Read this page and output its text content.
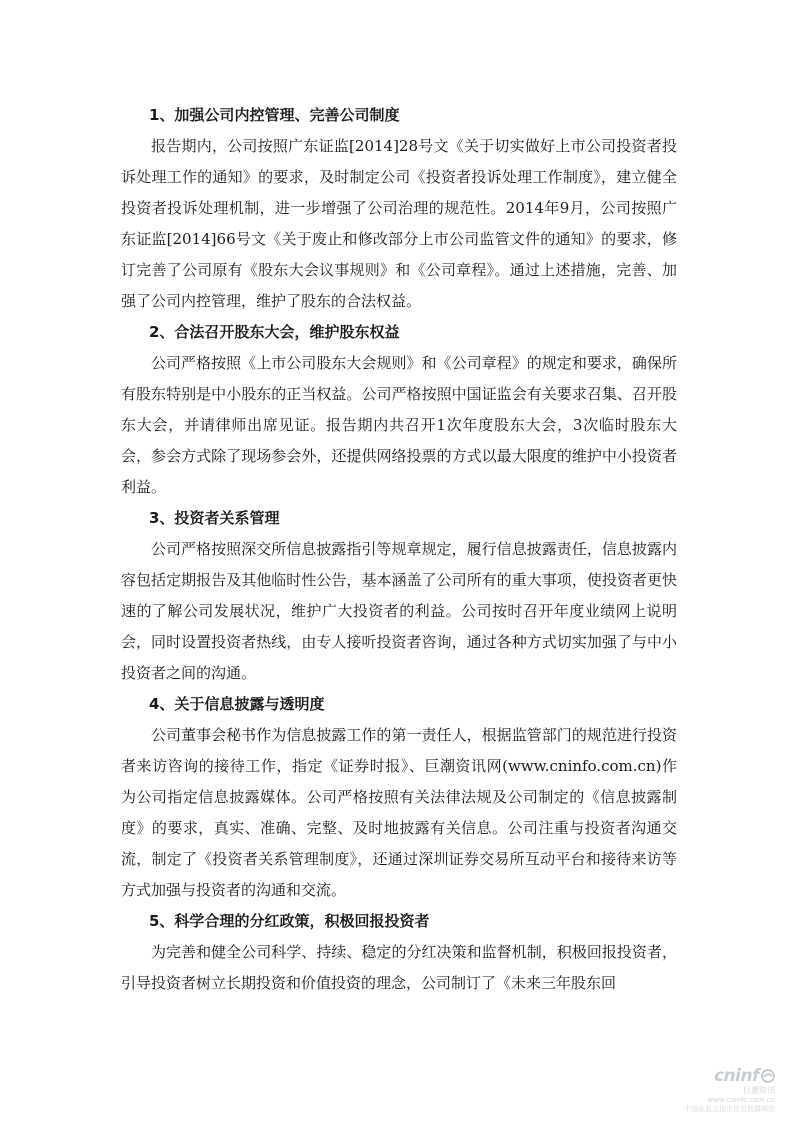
1、加强公司内控管理、完善公司制度

报告期内，公司按照广东证监[2014]28号文《关于切实做好上市公司投资者投诉处理工作的通知》的要求，及时制定公司《投资者投诉处理工作制度》，建立健全投资者投诉处理机制，进一步增强了公司治理的规范性。2014年9月，公司按照广东证监[2014]66号文《关于废止和修改部分上市公司监管文件的通知》的要求，修订完善了公司原有《股东大会议事规则》和《公司章程》。通过上述措施，完善、加强了公司内控管理，维护了股东的合法权益。

2、合法召开股东大会，维护股东权益

公司严格按照《上市公司股东大会规则》和《公司章程》的规定和要求，确保所有股东特别是中小股东的正当权益。公司严格按照中国证监会有关要求召集、召开股东大会，并请律师出席见证。报告期内共召开1次年度股东大会，3次临时股东大会，参会方式除了现场参会外，还提供网络投票的方式以最大限度的维护中小投资者利益。

3、投资者关系管理

公司严格按照深交所信息披露指引等规章规定，履行信息披露责任，信息披露内容包括定期报告及其他临时性公告，基本涵盖了公司所有的重大事项，使投资者更快速的了解公司发展状况，维护广大投资者的利益。公司按时召开年度业绩网上说明会，同时设置投资者热线，由专人接听投资者咨询，通过各种方式切实加强了与中小投资者之间的沟通。

4、关于信息披露与透明度

公司董事会秘书作为信息披露工作的第一责任人，根据监管部门的规范进行投资者来访咨询的接待工作，指定《证券时报》、巨潮资讯网(www.cninfo.com.cn)作为公司指定信息披露媒体。公司严格按照有关法律法规及公司制定的《信息披露制度》的要求，真实、准确、完整、及时地披露有关信息。公司注重与投资者沟通交流，制定了《投资者关系管理制度》，还通过深圳证券交易所互动平台和接待来访等方式加强与投资者的沟通和交流。

5、科学合理的分红政策，积极回报投资者

为完善和健全公司科学、持续、稳定的分红决策和监督机制，积极回报投资者，引导投资者树立长期投资和价值投资的理念，公司制订了《未来三年股东回

cninf
巨潮资讯
www.cninfo.com.cn
中国证监会指定信息披露网站
